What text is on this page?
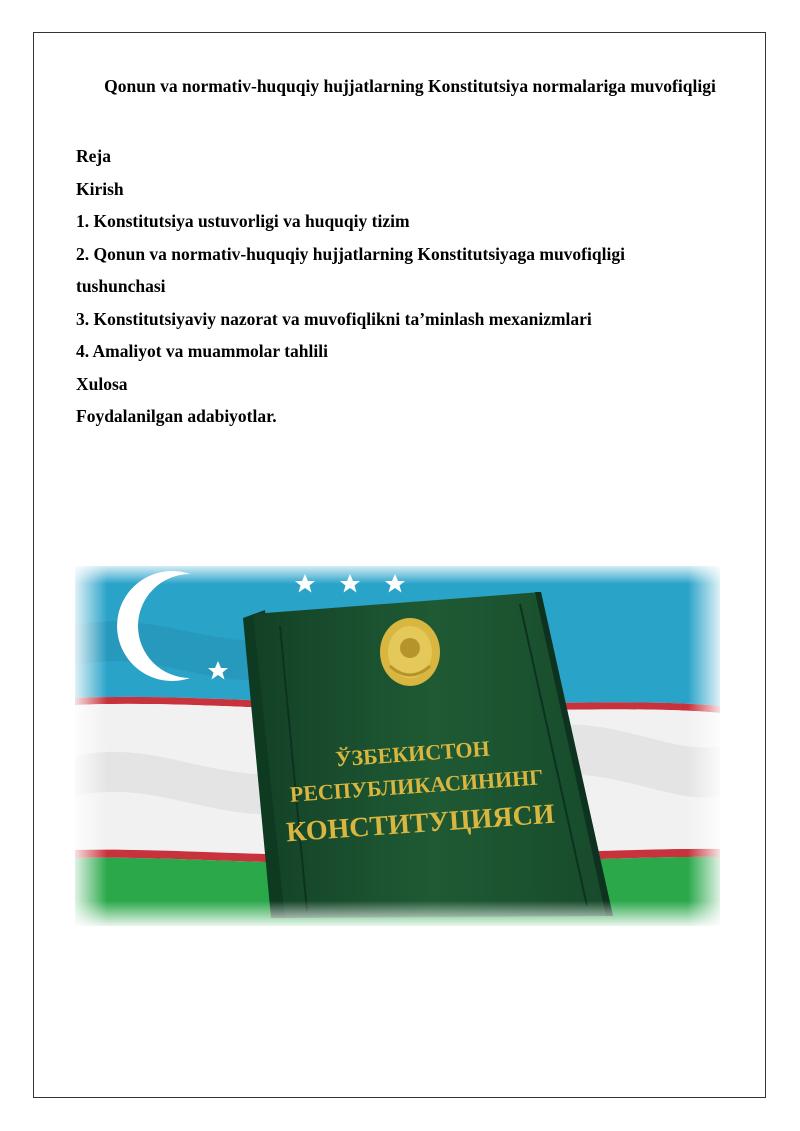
Qonun va normativ-huquqiy hujjatlarning Konstitutsiya normalariga muvofiqligi
Reja
Kirish
1. Konstitutsiya ustuvorligi va huquqiy tizim
2. Qonun va normativ-huquqiy hujjatlarning Konstitutsiyaga muvofiqligi
tushunchasi
3. Konstitutsiyaviy nazorat va muvofiqlikni ta’minlash mexanizmlari
4. Amaliyot va muammolar tahlili
Xulosa
Foydalanilgan adabiyotlar.
